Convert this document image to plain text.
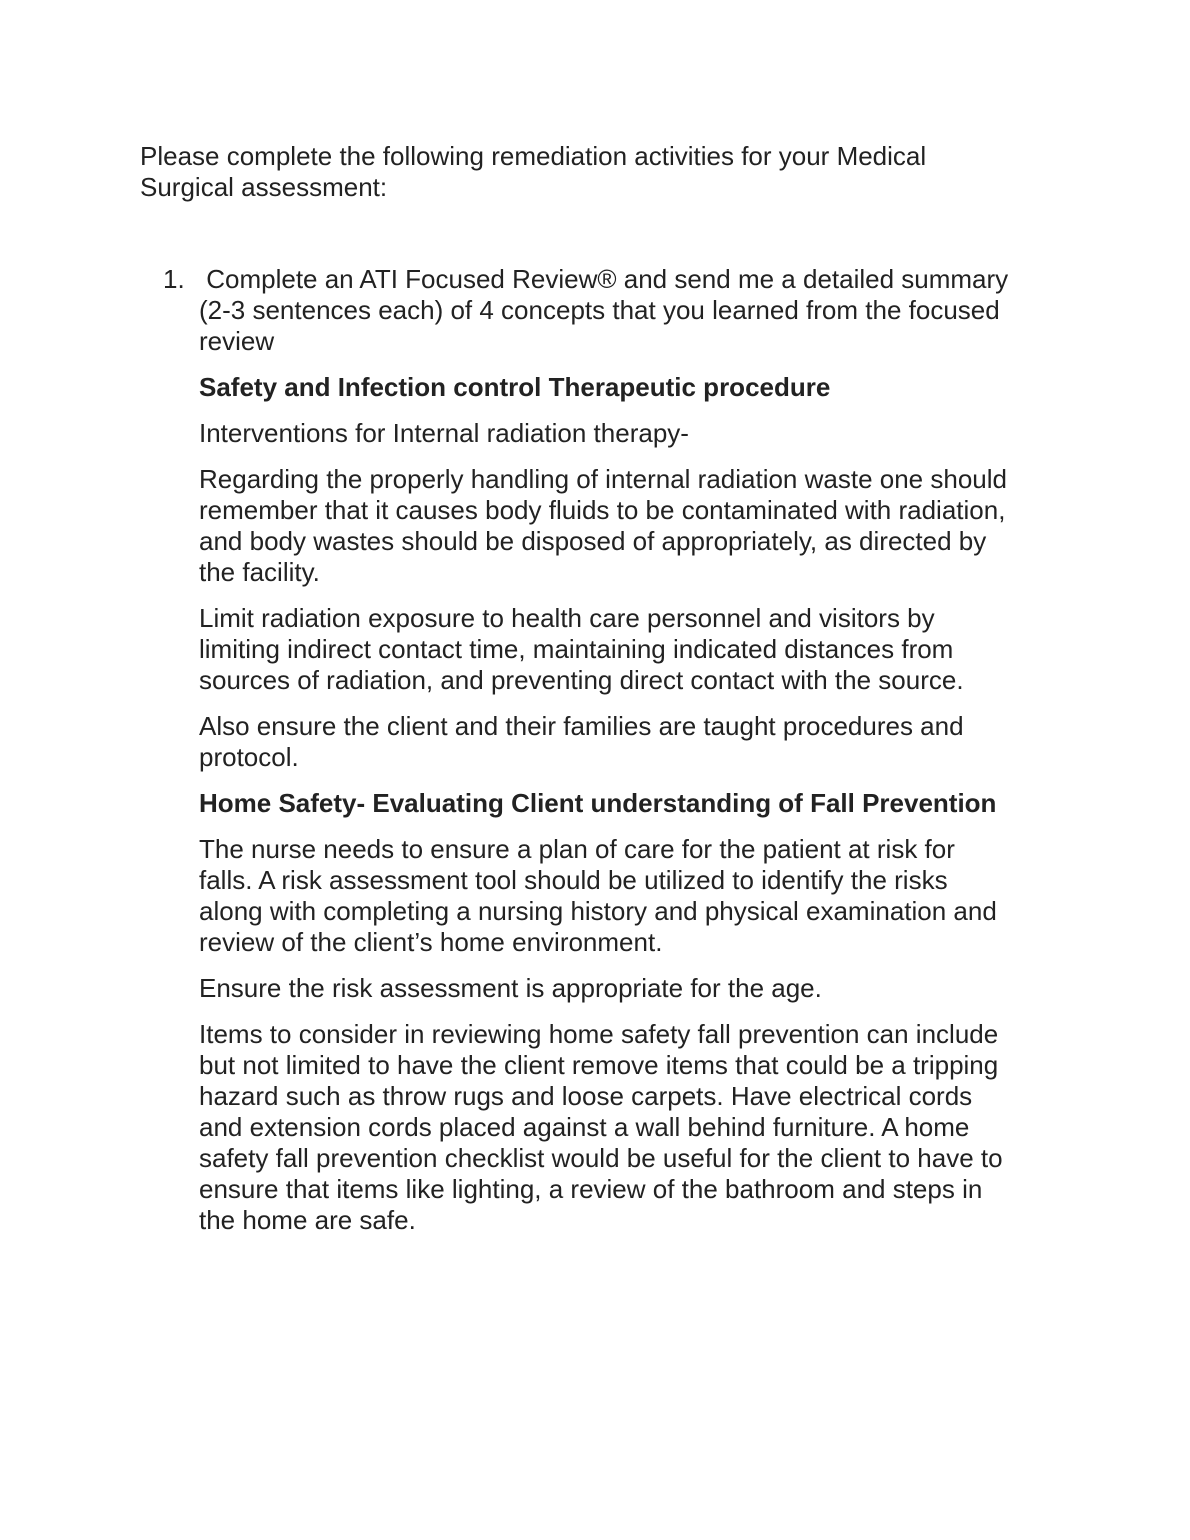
Please complete the following remediation activities for your Medical
Surgical assessment:
1. Complete an ATI Focused Review® and send me a detailed summary
(2-3 sentences each) of 4 concepts that you learned from the focused
review
Safety and Infection control Therapeutic procedure
Interventions for Internal radiation therapy-
Regarding the properly handling of internal radiation waste one should
remember that it causes body fluids to be contaminated with radiation,
and body wastes should be disposed of appropriately, as directed by
the facility.
Limit radiation exposure to health care personnel and visitors by
limiting indirect contact time, maintaining indicated distances from
sources of radiation, and preventing direct contact with the source.
Also ensure the client and their families are taught procedures and
protocol.
Home Safety- Evaluating Client understanding of Fall Prevention
The nurse needs to ensure a plan of care for the patient at risk for
falls. A risk assessment tool should be utilized to identify the risks
along with completing a nursing history and physical examination and
review of the client’s home environment.
Ensure the risk assessment is appropriate for the age.
Items to consider in reviewing home safety fall prevention can include
but not limited to have the client remove items that could be a tripping
hazard such as throw rugs and loose carpets. Have electrical cords
and extension cords placed against a wall behind furniture. A home
safety fall prevention checklist would be useful for the client to have to
ensure that items like lighting, a review of the bathroom and steps in
the home are safe.
